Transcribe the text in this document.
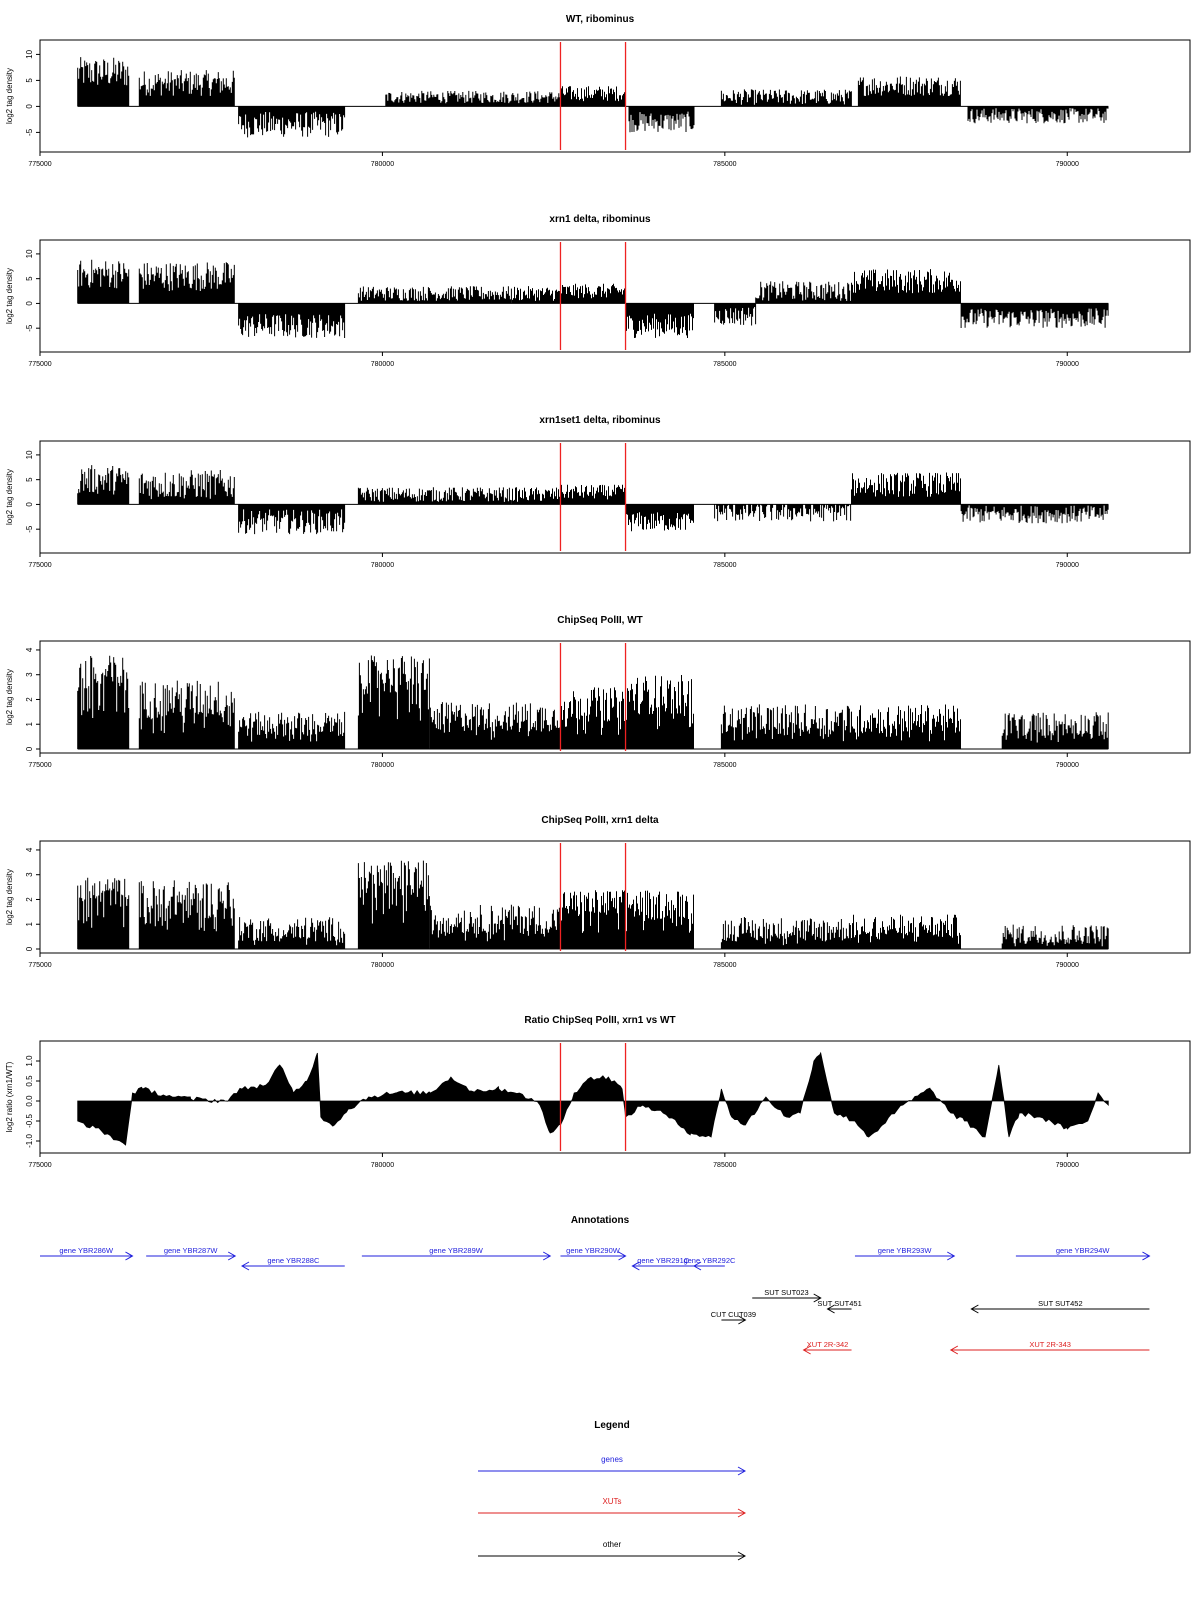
WT, ribominus
log2 tag density
-5
0
5
10
775000	780000	785000	790000
xrn1 delta, ribominus
log2 tag density
-5
0
5
10
775000	780000	785000	790000
xrn1set1 delta, ribominus
log2 tag density
-5
0
5
10
775000	780000	785000	790000
ChipSeq PolII, WT
log2 tag density
0
1
2
3
4
775000	780000	785000	790000
ChipSeq PolII, xrn1 delta
log2 tag density
0
1
2
3
4
775000	780000	785000	790000
Ratio ChipSeq PolII, xrn1 vs WT
log2 ratio (xrn1/WT)
-1.0
-0.5
0.0
0.5
1.0
775000	780000	785000	790000
Annotations
gene YBR286W	gene YBR287W
gene YBR288C
gene YBR289W	gene YBR290W
gene YBR291C
gene YBR292C
gene YBR293W	gene YBR294W
SUT SUT023
SUT SUT451	SUT SUT452
CUT CUT039
XUT 2R-342	XUT 2R-343
Legend
genes
XUTs
other
